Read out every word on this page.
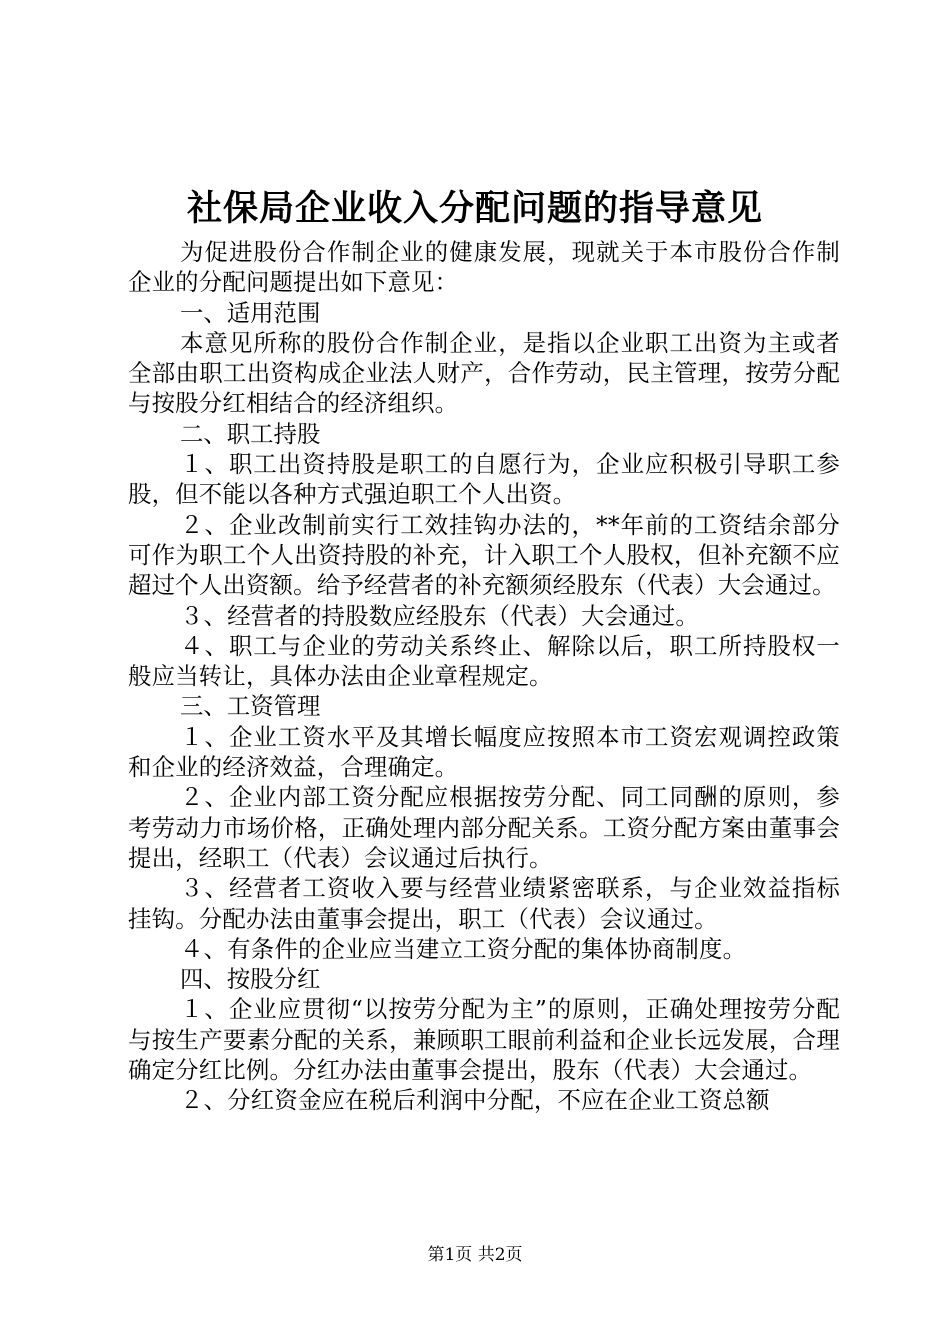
社保局企业收入分配问题的指导意见

为促进股份合作制企业的健康发展，现就关于本市股份合作制企业的分配问题提出如下意见：

一、适用范围

本意见所称的股份合作制企业，是指以企业职工出资为主或者全部由职工出资构成企业法人财产，合作劳动，民主管理，按劳分配与按股分红相结合的经济组织。

二、职工持股

１、职工出资持股是职工的自愿行为，企业应积极引导职工参股，但不能以各种方式强迫职工个人出资。

２、企业改制前实行工效挂钩办法的，**年前的工资结余部分可作为职工个人出资持股的补充，计入职工个人股权，但补充额不应超过个人出资额。给予经营者的补充额须经股东（代表）大会通过。

３、经营者的持股数应经股东（代表）大会通过。

４、职工与企业的劳动关系终止、解除以后，职工所持股权一般应当转让，具体办法由企业章程规定。

三、工资管理

１、企业工资水平及其增长幅度应按照本市工资宏观调控政策和企业的经济效益，合理确定。

２、企业内部工资分配应根据按劳分配、同工同酬的原则，参考劳动力市场价格，正确处理内部分配关系。工资分配方案由董事会提出，经职工（代表）会议通过后执行。

３、经营者工资收入要与经营业绩紧密联系，与企业效益指标挂钩。分配办法由董事会提出，职工（代表）会议通过。

４、有条件的企业应当建立工资分配的集体协商制度。

四、按股分红

１、企业应贯彻“以按劳分配为主”的原则，正确处理按劳分配与按生产要素分配的关系，兼顾职工眼前利益和企业长远发展，合理确定分红比例。分红办法由董事会提出，股东（代表）大会通过。

２、分红资金应在税后利润中分配，不应在企业工资总额

第1页 共2页
